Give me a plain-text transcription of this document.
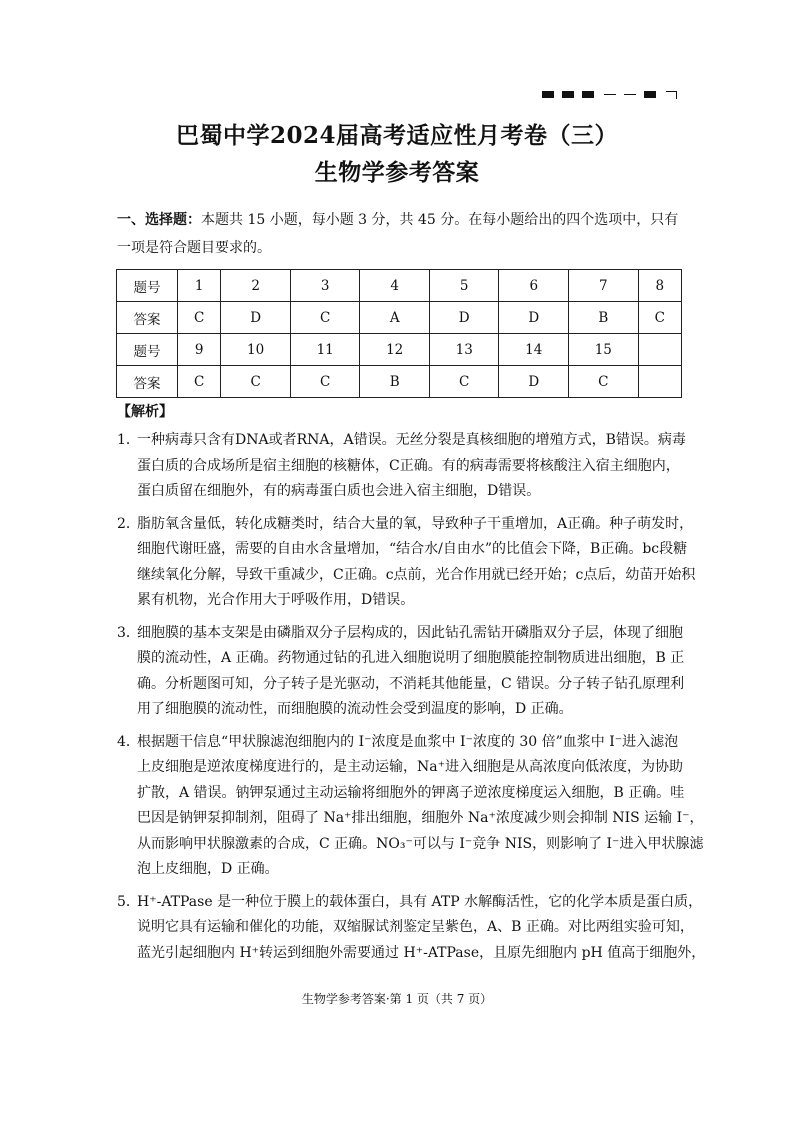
巴蜀中学2024届高考适应性月考卷（三）
生物学参考答案
一、选择题：本题共 15 小题，每小题 3 分，共 45 分。在每小题给出的四个选项中，只有一项是符合题目要求的。
题号	1	2	3	4	5	6	7	8
答案	C	D	C	A	D	D	B	C
题号	9	10	11	12	13	14	15	
答案	C	C	C	B	C	D	C	
【解析】
1．
一种病毒只含有DNA或者RNA，A错误。无丝分裂是真核细胞的增殖方式，B错误。病毒
蛋白质的合成场所是宿主细胞的核糖体，C正确。有的病毒需要将核酸注入宿主细胞内，
蛋白质留在细胞外，有的病毒蛋白质也会进入宿主细胞，D错误。
2．
脂肪氧含量低，转化成糖类时，结合大量的氧，导致种子干重增加，A正确。种子萌发时，
细胞代谢旺盛，需要的自由水含量增加，“结合水/自由水”的比值会下降，B正确。bc段糖
继续氧化分解，导致干重减少，C正确。c点前，光合作用就已经开始；c点后，幼苗开始积
累有机物，光合作用大于呼吸作用，D错误。
3．
细胞膜的基本支架是由磷脂双分子层构成的，因此钻孔需钻开磷脂双分子层，体现了细胞
膜的流动性，A 正确。药物通过钻的孔进入细胞说明了细胞膜能控制物质进出细胞，B 正
确。分析题图可知，分子转子是光驱动，不消耗其他能量，C 错误。分子转子钻孔原理利
用了细胞膜的流动性，而细胞膜的流动性会受到温度的影响，D 正确。
4．
根据题干信息“甲状腺滤泡细胞内的 I⁻浓度是血浆中 I⁻浓度的 30 倍”血浆中 I⁻进入滤泡
上皮细胞是逆浓度梯度进行的，是主动运输，Na⁺进入细胞是从高浓度向低浓度，为协助
扩散，A 错误。钠钾泵通过主动运输将细胞外的钾离子逆浓度梯度运入细胞，B 正确。哇
巴因是钠钾泵抑制剂，阻碍了 Na⁺排出细胞，细胞外 Na⁺浓度减少则会抑制 NIS 运输 I⁻，
从而影响甲状腺激素的合成，C 正确。NO₃⁻可以与 I⁻竞争 NIS，则影响了 I⁻进入甲状腺滤
泡上皮细胞，D 正确。
5．
H⁺-ATPase 是一种位于膜上的载体蛋白，具有 ATP 水解酶活性，它的化学本质是蛋白质，
说明它具有运输和催化的功能，双缩脲试剂鉴定呈紫色，A、B 正确。对比两组实验可知，
蓝光引起细胞内 H⁺转运到细胞外需要通过 H⁺-ATPase，且原先细胞内 pH 值高于细胞外，
生物学参考答案·第 1 页（共 7 页）
